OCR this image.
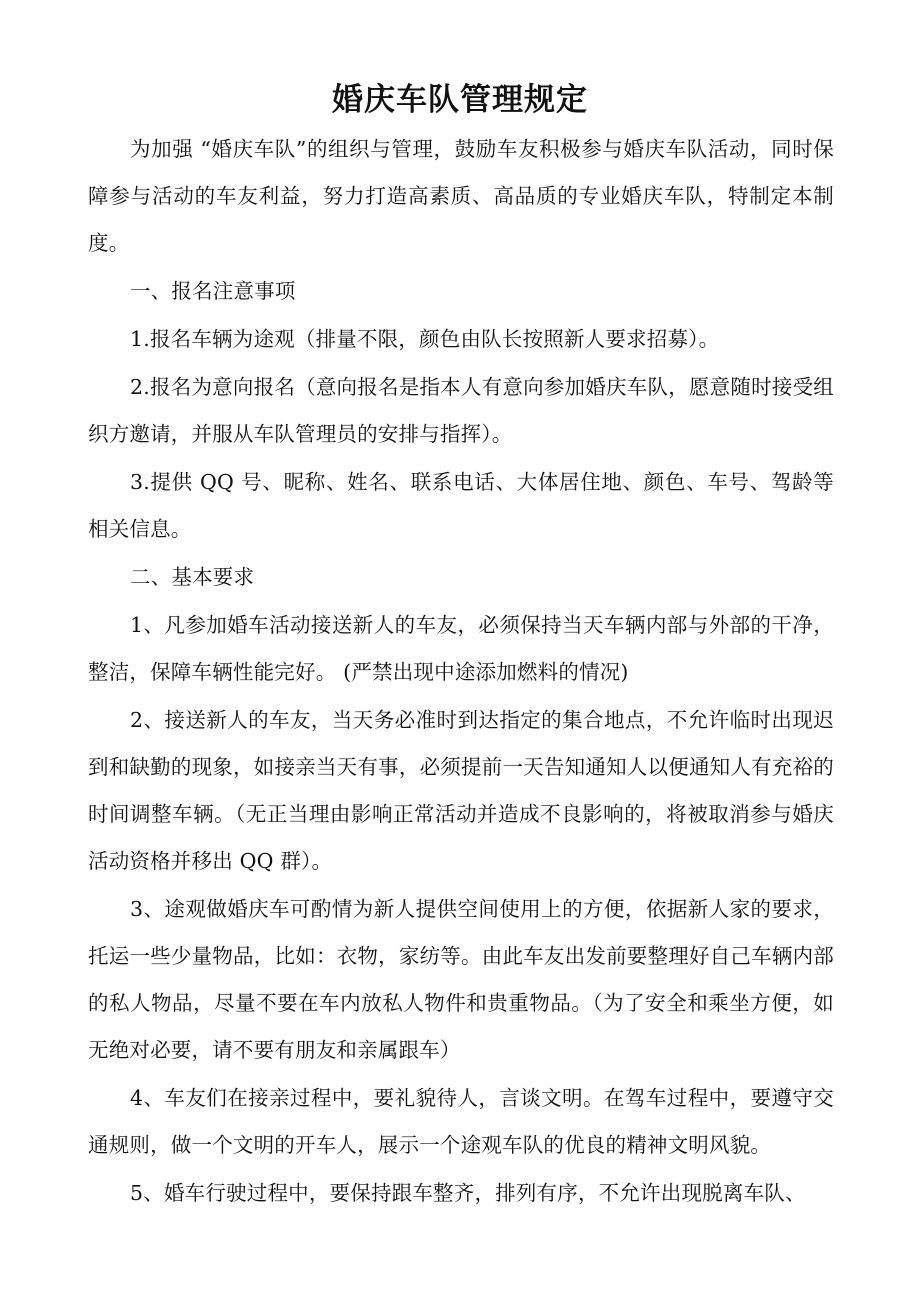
婚庆车队管理规定

为加强 “婚庆车队”的组织与管理，鼓励车友积极参与婚庆车队活动，同时保障参与活动的车友利益，努力打造高素质、高品质的专业婚庆车队，特制定本制度。

一、报名注意事项

1.报名车辆为途观（排量不限，颜色由队长按照新人要求招募）。

2.报名为意向报名（意向报名是指本人有意向参加婚庆车队，愿意随时接受组织方邀请，并服从车队管理员的安排与指挥）。

3.提供 QQ 号、昵称、姓名、联系电话、大体居住地、颜色、车号、驾龄等相关信息。

二、基本要求

1、凡参加婚车活动接送新人的车友，必须保持当天车辆内部与外部的干净，整洁，保障车辆性能完好。 (严禁出现中途添加燃料的情况)

2、接送新人的车友，当天务必准时到达指定的集合地点，不允许临时出现迟到和缺勤的现象，如接亲当天有事，必须提前一天告知通知人以便通知人有充裕的时间调整车辆。（无正当理由影响正常活动并造成不良影响的，将被取消参与婚庆活动资格并移出 QQ 群）。

3、途观做婚庆车可酌情为新人提供空间使用上的方便，依据新人家的要求，托运一些少量物品，比如：衣物，家纺等。由此车友出发前要整理好自己车辆内部的私人物品，尽量不要在车内放私人物件和贵重物品。（为了安全和乘坐方便，如无绝对必要，请不要有朋友和亲属跟车）

4、车友们在接亲过程中，要礼貌待人，言谈文明。在驾车过程中，要遵守交通规则，做一个文明的开车人，展示一个途观车队的优良的精神文明风貌。

5、婚车行驶过程中，要保持跟车整齐，排列有序，不允许出现脱离车队、
